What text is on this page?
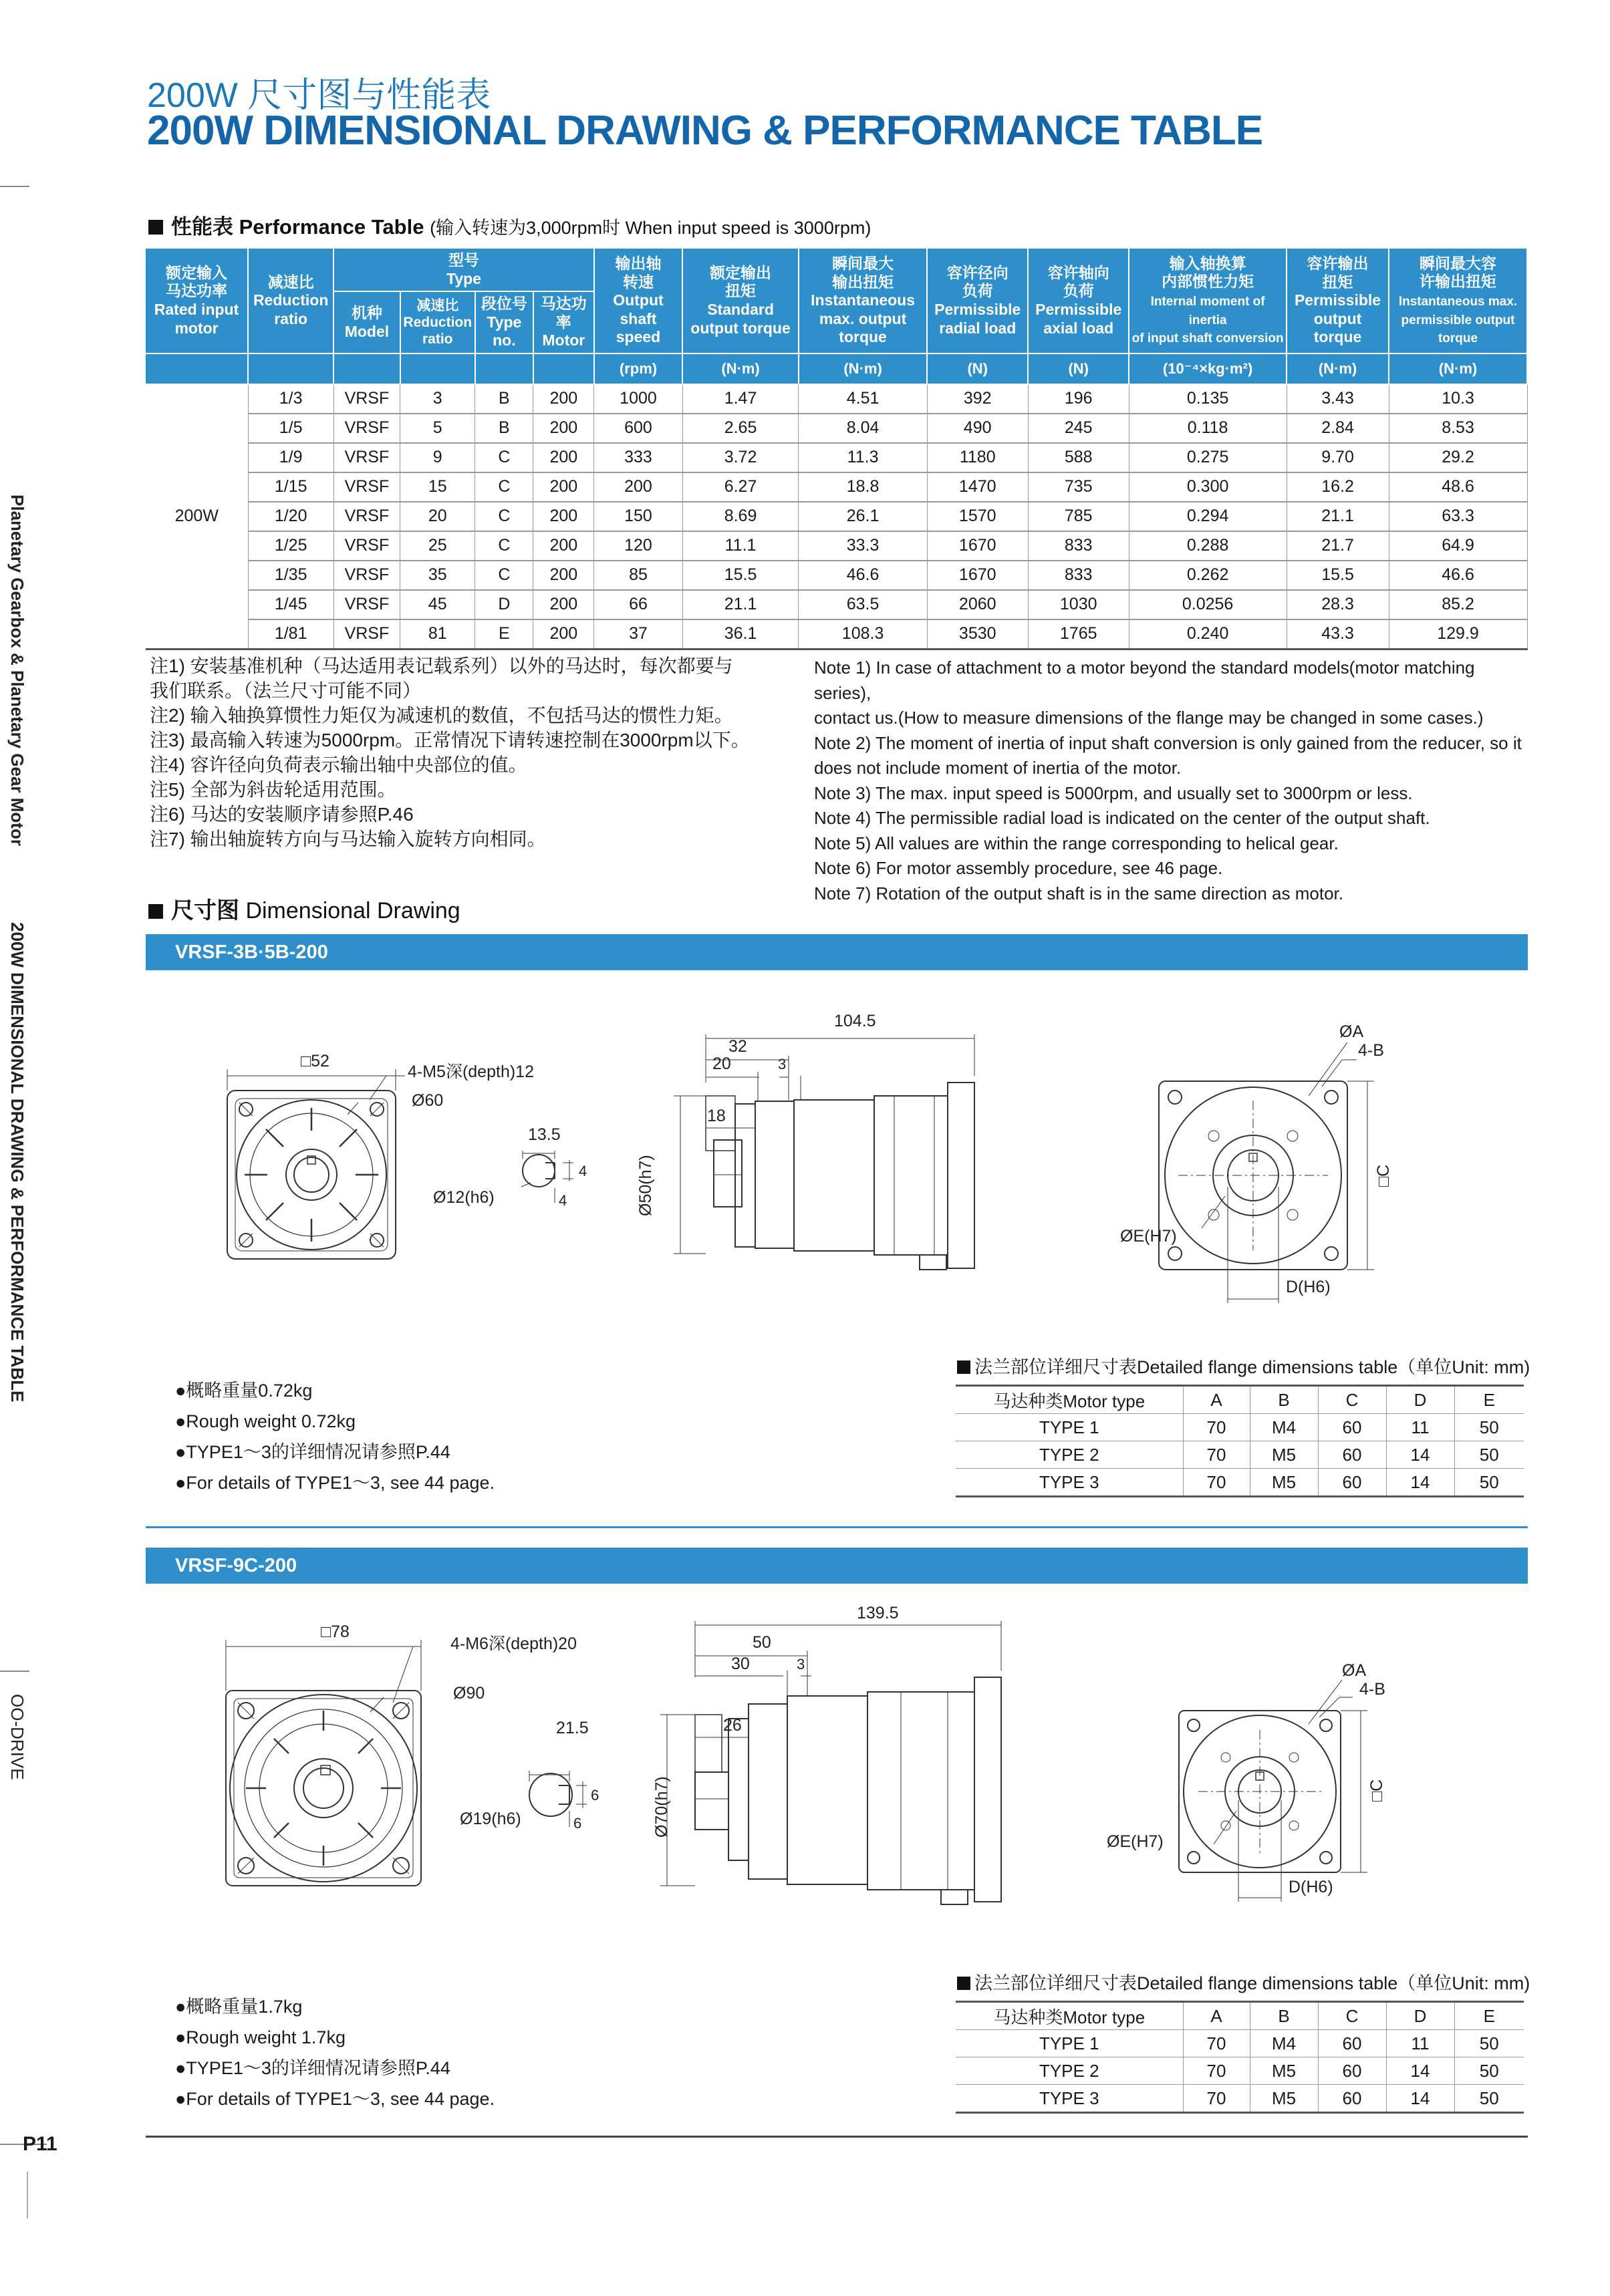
200W 尺寸图与性能表
200W DIMENSIONAL DRAWING & PERFORMANCE TABLE
Planetary Gearbox & Planetary Gear Motor
200W DIMENSIONAL DRAWING & PERFORMANCE TABLE
OO-DRIVE
性能表 Performance Table (输入转速为3,000rpm时 When input speed is 3000rpm)
额定输入
马达功率
Rated input
motor	减速比
Reduction
ratio	型号
Type				输出轴
转速
Output
shaft speed	额定输出
扭矩
Standard
output torque	瞬间最大
输出扭矩
Instantaneous
max. output torque	容许径向
负荷
Permissible
radial load	容许轴向
负荷
Permissible
axial load	输入轴换算
内部惯性力矩
Internal moment of inertia
of input shaft conversion	容许输出
扭矩
Permissible
output torque	瞬间最大容
许输出扭矩
Instantaneous max.
permissible output torque
		机种
Model	减速比
Reduction
ratio	段位号
Type no.	马达功率
Motor								
						(rpm)	(N·m)	(N·m)	(N)	(N)	(10⁻⁴×kg·m²)	(N·m)	(N·m)
200W	1/3	VRSF	3	B	200	1000	1.47	4.51	392	196	0.135	3.43	10.3
	1/5	VRSF	5	B	200	600	2.65	8.04	490	245	0.118	2.84	8.53
	1/9	VRSF	9	C	200	333	3.72	11.3	1180	588	0.275	9.70	29.2
	1/15	VRSF	15	C	200	200	6.27	18.8	1470	735	0.300	16.2	48.6
	1/20	VRSF	20	C	200	150	8.69	26.1	1570	785	0.294	21.1	63.3
	1/25	VRSF	25	C	200	120	11.1	33.3	1670	833	0.288	21.7	64.9
	1/35	VRSF	35	C	200	85	15.5	46.6	1670	833	0.262	15.5	46.6
	1/45	VRSF	45	D	200	66	21.1	63.5	2060	1030	0.0256	28.3	85.2
	1/81	VRSF	81	E	200	37	36.1	108.3	3530	1765	0.240	43.3	129.9
注1) 安装基准机种（马达适用表记载系列）以外的马达时，每次都要与
我们联系。（法兰尺寸可能不同）
注2) 输入轴换算惯性力矩仅为减速机的数值，不包括马达的惯性力矩。
注3) 最高输入转速为5000rpm。正常情况下请转速控制在3000rpm以下。
注4) 容许径向负荷表示输出轴中央部位的值。
注5) 全部为斜齿轮适用范围。
注6) 马达的安装顺序请参照P.46
注7) 输出轴旋转方向与马达输入旋转方向相同。
Note 1) In case of attachment to a motor beyond the standard models(motor matching series),
contact us.(How to measure dimensions of the flange may be changed in some cases.)
Note 2) The moment of inertia of input shaft conversion is only gained from the reducer, so it
does not include moment of inertia of the motor.
Note 3) The max. input speed is 5000rpm, and usually set to 3000rpm or less.
Note 4) The permissible radial load is indicated on the center of the output shaft.
Note 5) All values are within the range corresponding to helical gear.
Note 6) For motor assembly procedure, see 46 page.
Note 7) Rotation of the output shaft is in the same direction as motor.
尺寸图 Dimensional Drawing
VRSF-3B·5B-200
□52
4-M5深(depth)12
Ø60
Ø12(h6)
13.5
4
4
104.5
32
20	3
18
Ø50(h7)
ØA
4-B
□C
ØE(H7)
D(H6)
●概略重量0.72kg
●Rough weight 0.72kg
●TYPE1～3的详细情况请参照P.44
●For details of TYPE1～3, see 44 page.
法兰部位详细尺寸表Detailed flange dimensions table（单位Unit: mm)
马达种类Motor type	A	B	C	D	E
TYPE 1	70	M4	60	11	50
TYPE 2	70	M5	60	14	50
TYPE 3	70	M5	60	14	50
VRSF-9C-200
□78
4-M6深(depth)20
Ø90
Ø19(h6)
21.5
6
6
139.5
50
30	3
26
Ø70(h7)
ØA
4-B
□C
ØE(H7)
D(H6)
●概略重量1.7kg
●Rough weight 1.7kg
●TYPE1～3的详细情况请参照P.44
●For details of TYPE1～3, see 44 page.
法兰部位详细尺寸表Detailed flange dimensions table（单位Unit: mm)
马达种类Motor type	A	B	C	D	E
TYPE 1	70	M4	60	11	50
TYPE 2	70	M5	60	14	50
TYPE 3	70	M5	60	14	50
P11
